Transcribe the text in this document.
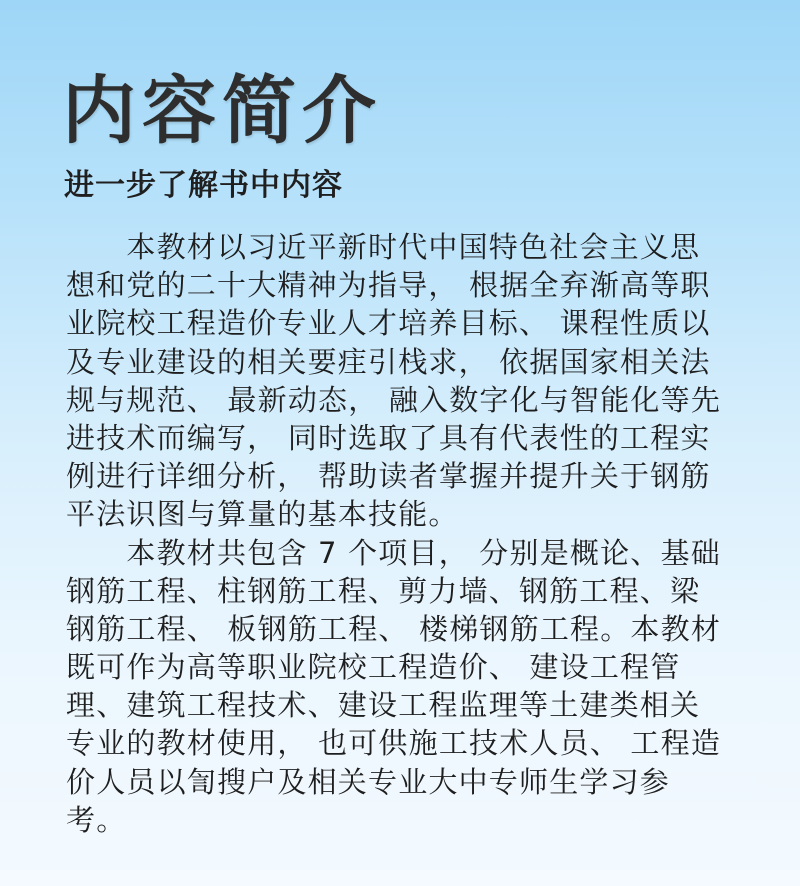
内容简介
进一步了解书中内容
　　本教材以习近平新时代中国特色社会主义思
想和党的二十大精神为指导， 根据全弃渐高等职
业院校工程造价专业人才培养目标、 课程性质以
及专业建设的相关要疰引栈求， 依据国家相关法
规与规范、 最新动态， 融入数字化与智能化等先
进技术而编写， 同时选取了具有代表性的工程实
例进行详细分析， 帮助读者掌握并提升关于钢筋
平法识图与算量的基本技能。
　　本教材共包含 7 个项目， 分别是概论、基础
钢筋工程、柱钢筋工程、剪力墙、钢筋工程、梁
钢筋工程、 板钢筋工程、 楼梯钢筋工程。本教材
既可作为高等职业院校工程造价、 建设工程管
理、建筑工程技术、建设工程监理等土建类相关
专业的教材使用， 也可供施工技术人员、 工程造
价人员以訇搜户及相关专业大中专师生学习参
考。
